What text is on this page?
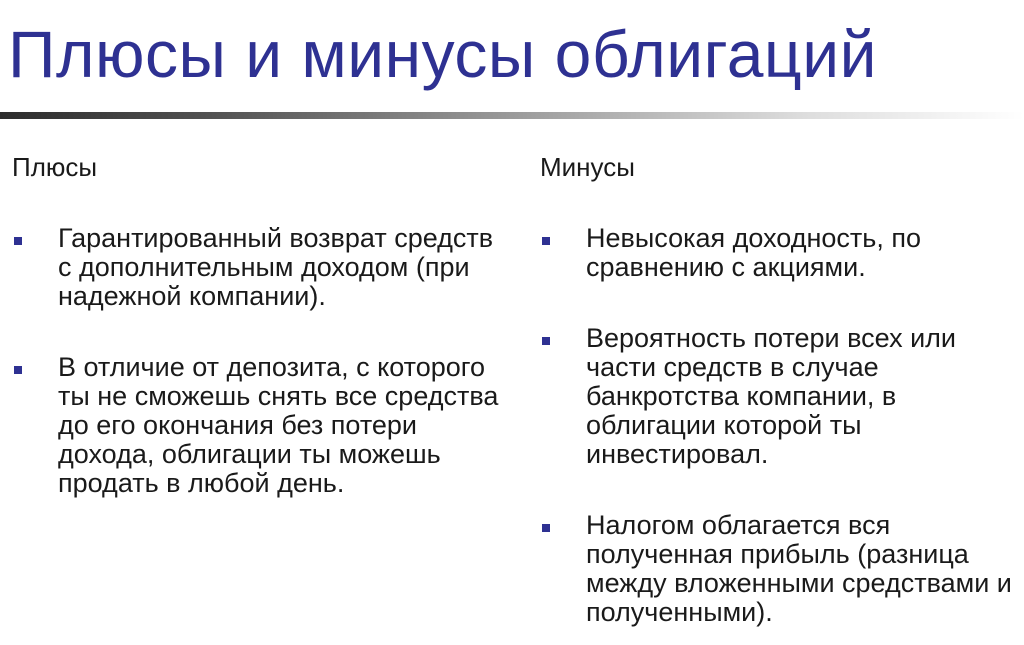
Плюсы и минусы облигаций

Плюсы

Гарантированный возврат средств с дополнительным доходом (при надежной компании).
В отличие от депозита, с которого ты не сможешь снять все средства до его окончания без потери дохода, облигации ты можешь продать в любой день.

Минусы

Невысокая доходность, по сравнению с акциями.
Вероятность потери всех или части средств в случае банкротства компании, в облигации которой ты инвестировал.
Налогом облагается вся полученная прибыль (разница между вложенными средствами и полученными).
